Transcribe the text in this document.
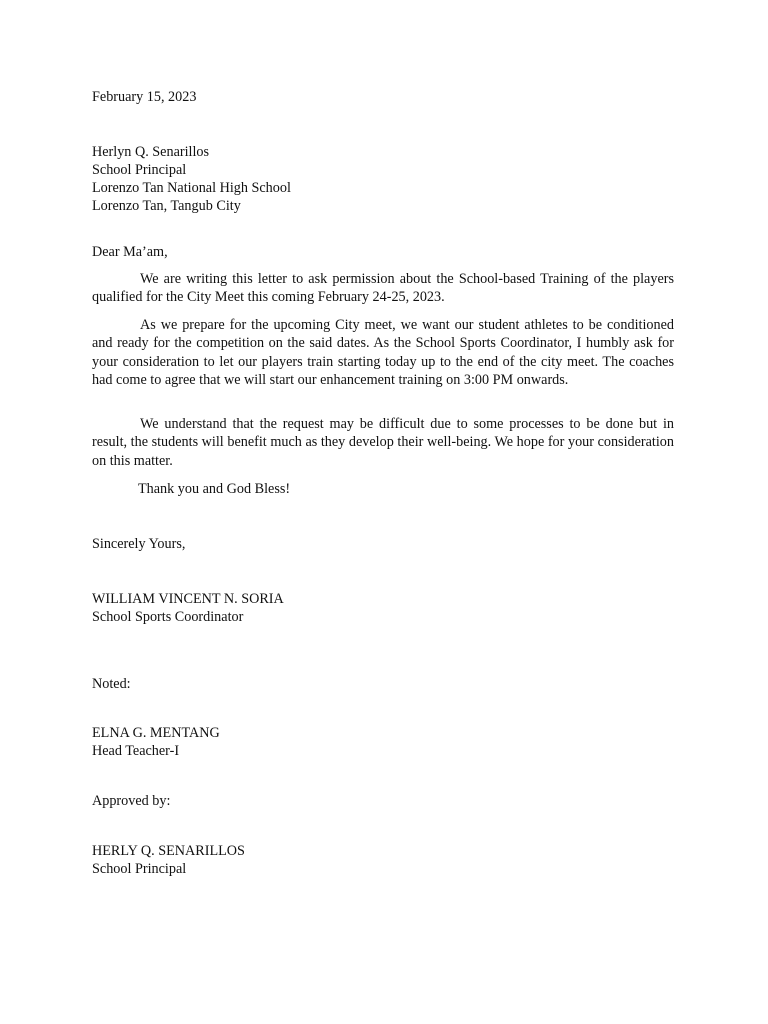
February 15, 2023
Herlyn Q. Senarillos
School Principal
Lorenzo Tan National High School
Lorenzo Tan, Tangub City
Dear Ma’am,

We are writing this letter to ask permission about the School-based Training of the players qualified for the City Meet this coming February 24-25, 2023.

As we prepare for the upcoming City meet, we want our student athletes to be conditioned and ready for the competition on the said dates. As the School Sports Coordinator, I humbly ask for your consideration to let our players train starting today up to the end of the city meet. The coaches had come to agree that we will start our enhancement training on 3:00 PM onwards.

We understand that the request may be difficult due to some processes to be done but in result, the students will benefit much as they develop their well-being. We hope for your consideration on this matter.

Thank you and God Bless!
Sincerely Yours,
WILLIAM VINCENT N. SORIA
School Sports Coordinator
Noted:
ELNA G. MENTANG
Head Teacher-I
Approved by:
HERLY Q. SENARILLOS
School Principal
